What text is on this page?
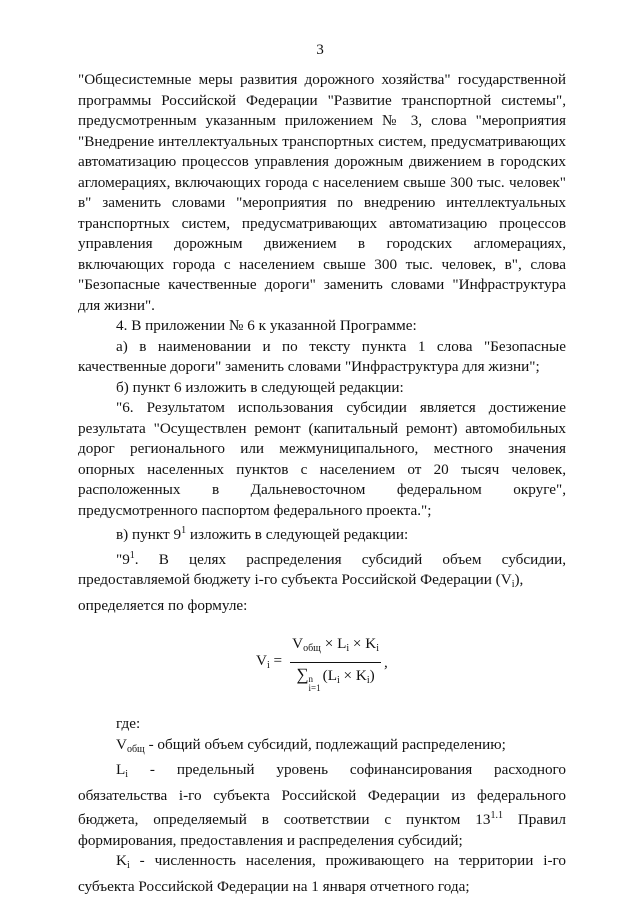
3

"Общесистемные меры развития дорожного хозяйства" государственной программы Российской Федерации "Развитие транспортной системы", предусмотренным указанным приложением № 3, слова "мероприятия "Внедрение интеллектуальных транспортных систем, предусматривающих автоматизацию процессов управления дорожным движением в городских агломерациях, включающих города с населением свыше 300 тыс. человек" в" заменить словами "мероприятия по внедрению интеллектуальных транспортных систем, предусматривающих автоматизацию процессов управления дорожным движением в городских агломерациях, включающих города с населением свыше 300 тыс. человек, в", слова "Безопасные качественные дороги" заменить словами "Инфраструктура для жизни".

4. В приложении № 6 к указанной Программе:

а) в наименовании и по тексту пункта 1 слова "Безопасные качественные дороги" заменить словами "Инфраструктура для жизни";

б) пункт 6 изложить в следующей редакции:

"6. Результатом использования субсидии является достижение результата "Осуществлен ремонт (капитальный ремонт) автомобильных дорог регионального или межмуниципального, местного значения опорных населенных пунктов с населением от 20 тысяч человек, расположенных в Дальневосточном федеральном округе", предусмотренного паспортом федерального проекта.";

в) пункт $9^1$ изложить в следующей редакции:

"$9^1$. В целях распределения субсидий объем субсидии, предоставляемой бюджету i-го субъекта Российской Федерации $(V_i)$,

определяется по формуле:

$V_i = V_{общ} \times L_i \times K_i$
∑ n
i=1
$(L_i \times K_i)$ ,

где:

$V_{общ}$ - общий объем субсидий, подлежащий распределению;

$L_i$ - предельный уровень софинансирования расходного обязательства i-го субъекта Российской Федерации из федерального бюджета, определяемый в соответствии с пунктом $13^{1.1}$ Правил формирования, предоставления и распределения субсидий;

$K_i$ - численность населения, проживающего на территории i-го субъекта Российской Федерации на 1 января отчетного года;
